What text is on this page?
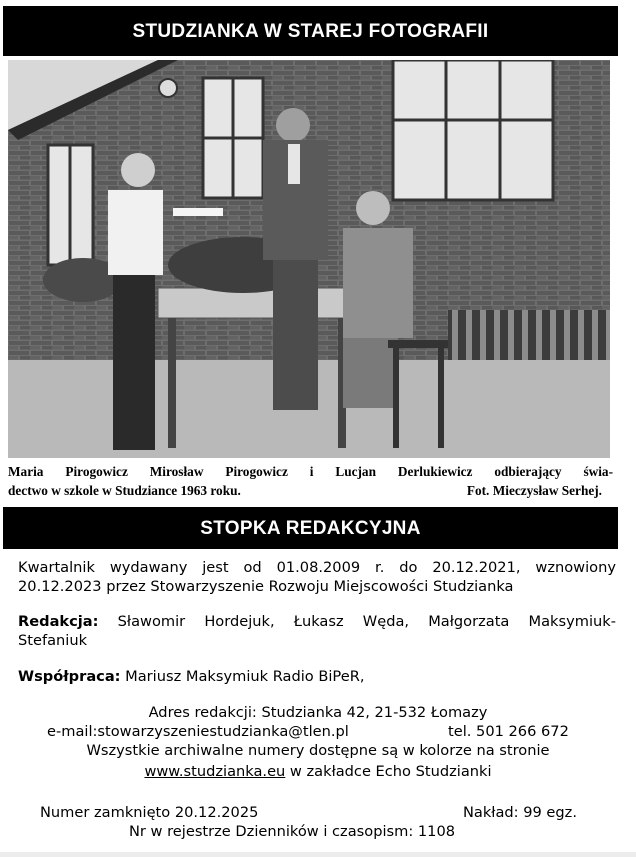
STUDZIANKA W STAREJ FOTOGRAFII
Maria Pirogowicz Mirosław Pirogowicz i Lucjan Derlukiewicz odbierający świa-
dectwo w szkole w Studziance 1963 roku.	Fot. Mieczysław Serhej.
STOPKA REDAKCYJNA
Kwartalnik wydawany jest od 01.08.2009 r. do 20.12.2021, wznowiony
20.12.2023 przez Stowarzyszenie Rozwoju Miejscowości Studzianka
Redakcja: Sławomir Hordejuk, Łukasz Węda, Małgorzata Maksymiuk-
Stefaniuk
Współpraca: Mariusz Maksymiuk Radio BiPeR,
Adres redakcji: Studzianka 42, 21-532 Łomazy
e-mail:stowarzyszeniestudzianka@tlen.pl	tel. 501 266 672
Wszystkie archiwalne numery dostępne są w kolorze na stronie
www.studzianka.eu w zakładce Echo Studzianki
Numer zamknięto 20.12.2025	Nakład: 99 egz.
Nr w rejestrze Dzienników i czasopism: 1108
